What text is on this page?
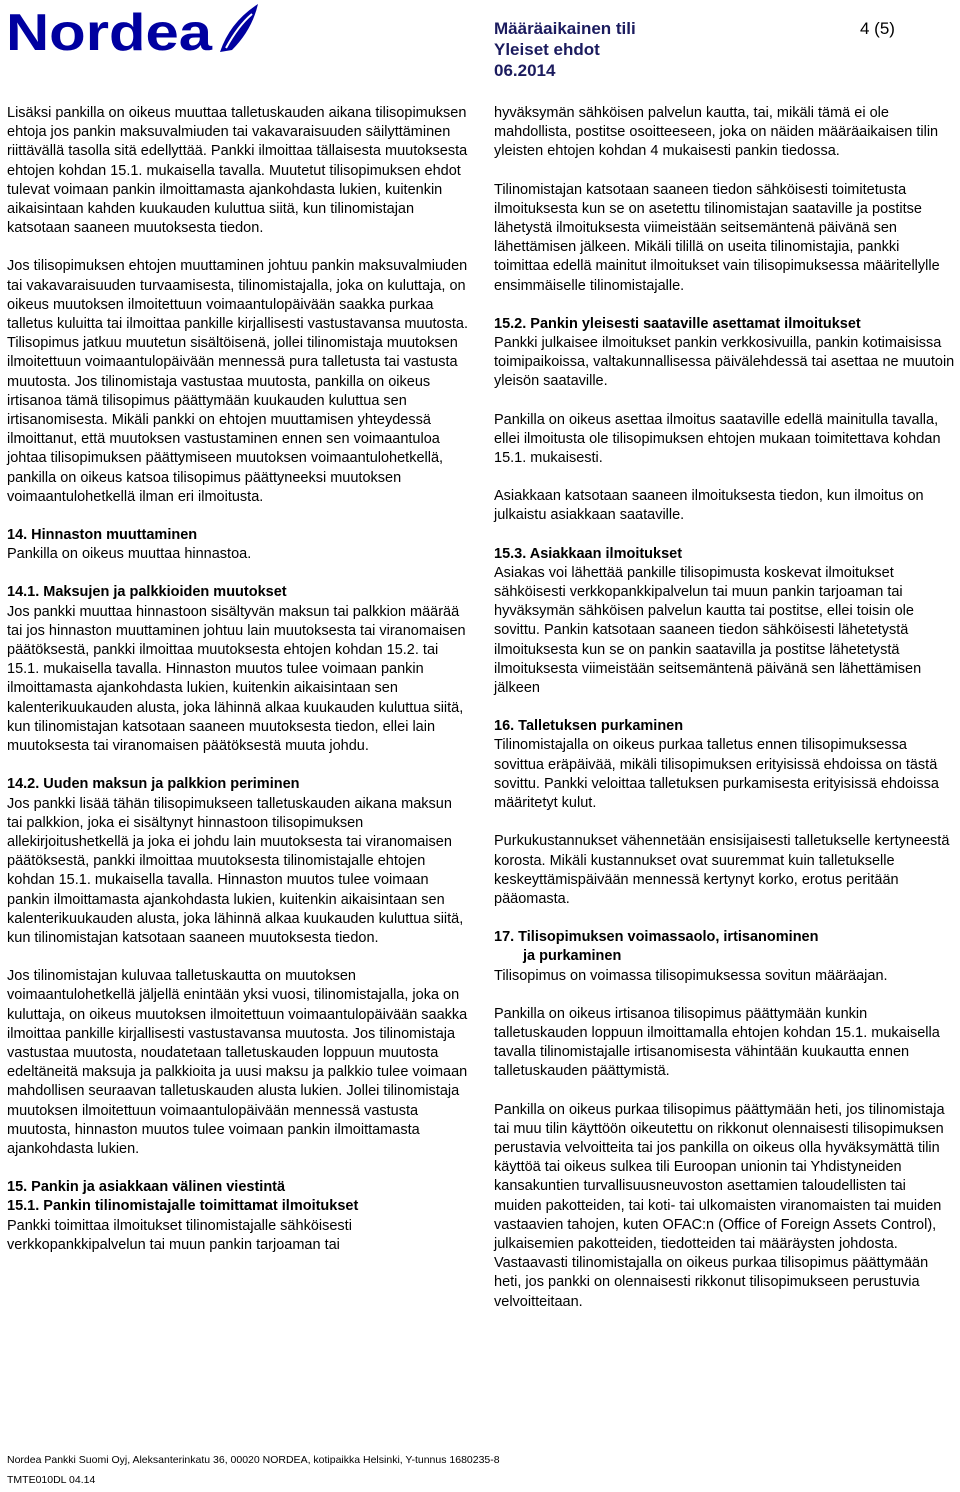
Nordea	Määräaikainen tili
Yleiset ehdot
06.2014
4 (5)

Lisäksi pankilla on oikeus muuttaa talletuskauden aikana tilisopimuksen ehtoja jos pankin maksuvalmiuden tai vakavaraisuuden säilyttäminen riittävällä tasolla sitä edellyttää. Pankki ilmoittaa tällaisesta muutoksesta ehtojen kohdan 15.1. mukaisella tavalla. Muutetut tilisopimuksen ehdot tulevat voimaan pankin ilmoittamasta ajankohdasta lukien, kuitenkin aikaisintaan kahden kuukauden kuluttua siitä, kun tilinomistajan katsotaan saaneen muutoksesta tiedon.

Jos tilisopimuksen ehtojen muuttaminen johtuu pankin maksuvalmiuden tai vakavaraisuuden turvaamisesta, tilinomistajalla, joka on kuluttaja, on oikeus muutoksen ilmoitettuun voimaantulopäivään saakka purkaa talletus kuluitta tai ilmoittaa pankille kirjallisesti vastustavansa muutosta. Tilisopimus jatkuu muutetun sisältöisenä, jollei tilinomistaja muutoksen ilmoitettuun voimaantulopäivään mennessä pura talletusta tai vastusta muutosta. Jos tilinomistaja vastustaa muutosta, pankilla on oikeus irtisanoa tämä tilisopimus päättymään kuukauden kuluttua sen irtisanomisesta. Mikäli pankki on ehtojen muuttamisen yhteydessä ilmoittanut, että muutoksen vastustaminen ennen sen voimaantuloa johtaa tilisopimuksen päättymiseen muutoksen voimaantulohetkellä, pankilla on oikeus katsoa tilisopimus päättyneeksi muutoksen voimaantulohetkellä ilman eri ilmoitusta.

14. Hinnaston muuttaminen

Pankilla on oikeus muuttaa hinnastoa.

14.1. Maksujen ja palkkioiden muutokset

Jos pankki muuttaa hinnastoon sisältyvän maksun tai palkkion määrää tai jos hinnaston muuttaminen johtuu lain muutoksesta tai viranomaisen päätöksestä, pankki ilmoittaa muutoksesta ehtojen kohdan 15.2. tai 15.1. mukaisella tavalla. Hinnaston muutos tulee voimaan pankin ilmoittamasta ajankohdasta lukien, kuitenkin aikaisintaan sen kalenterikuukauden alusta, joka lähinnä alkaa kuukauden kuluttua siitä, kun tilinomistajan katsotaan saaneen muutoksesta tiedon, ellei lain muutoksesta tai viranomaisen päätöksestä muuta johdu.

14.2. Uuden maksun ja palkkion periminen

Jos pankki lisää tähän tilisopimukseen talletuskauden aikana maksun tai palkkion, joka ei sisältynyt hinnastoon tilisopimuksen allekirjoitushetkellä ja joka ei johdu lain muutoksesta tai viranomaisen päätöksestä, pankki ilmoittaa muutoksesta tilinomistajalle ehtojen kohdan 15.1. mukaisella tavalla. Hinnaston muutos tulee voimaan pankin ilmoittamasta ajankohdasta lukien, kuitenkin aikaisintaan sen kalenterikuukauden alusta, joka lähinnä alkaa kuukauden kuluttua siitä, kun tilinomistajan katsotaan saaneen muutoksesta tiedon.

Jos tilinomistajan kuluvaa talletuskautta on muutoksen voimaantulohetkellä jäljellä enintään yksi vuosi, tilinomistajalla, joka on kuluttaja, on oikeus muutoksen ilmoitettuun voimaantulopäivään saakka ilmoittaa pankille kirjallisesti vastustavansa muutosta. Jos tilinomistaja vastustaa muutosta, noudatetaan talletuskauden loppuun muutosta edeltäneitä maksuja ja palkkioita ja uusi maksu ja palkkio tulee voimaan mahdollisen seuraavan talletuskauden alusta lukien. Jollei tilinomistaja muutoksen ilmoitettuun voimaantulopäivään mennessä vastusta muutosta, hinnaston muutos tulee voimaan pankin ilmoittamasta ajankohdasta lukien.

15. Pankin ja asiakkaan välinen viestintä
15.1. Pankin tilinomistajalle toimittamat ilmoitukset

Pankki toimittaa ilmoitukset tilinomistajalle sähköisesti verkkopankkipalvelun tai muun pankin tarjoaman tai

hyväksymän sähköisen palvelun kautta, tai, mikäli tämä ei ole mahdollista, postitse osoitteeseen, joka on näiden määräaikaisen tilin yleisten ehtojen kohdan 4 mukaisesti pankin tiedossa.

Tilinomistajan katsotaan saaneen tiedon sähköisesti toimitetusta ilmoituksesta kun se on asetettu tilinomistajan saataville ja postitse lähetystä ilmoituksesta viimeistään seitsemäntenä päivänä sen lähettämisen jälkeen. Mikäli tilillä on useita tilinomistajia, pankki toimittaa edellä mainitut ilmoitukset vain tilisopimuksessa määritellylle ensimmäiselle tilinomistajalle.

15.2. Pankin yleisesti saataville asettamat ilmoitukset

Pankki julkaisee ilmoitukset pankin verkkosivuilla, pankin kotimaisissa toimipaikoissa, valtakunnallisessa päivälehdessä tai asettaa ne muutoin yleisön saataville.

Pankilla on oikeus asettaa ilmoitus saataville edellä mainitulla tavalla, ellei ilmoitusta ole tilisopimuksen ehtojen mukaan toimitettava kohdan 15.1. mukaisesti.

Asiakkaan katsotaan saaneen ilmoituksesta tiedon, kun ilmoitus on julkaistu asiakkaan saataville.

15.3. Asiakkaan ilmoitukset

Asiakas voi lähettää pankille tilisopimusta koskevat ilmoitukset sähköisesti verkkopankkipalvelun tai muun pankin tarjoaman tai hyväksymän sähköisen palvelun kautta tai postitse, ellei toisin ole sovittu. Pankin katsotaan saaneen tiedon sähköisesti lähetetystä ilmoituksesta kun se on pankin saatavilla ja postitse lähetetystä ilmoituksesta viimeistään seitsemäntenä päivänä sen lähettämisen jälkeen

16. Talletuksen purkaminen

Tilinomistajalla on oikeus purkaa talletus ennen tilisopimuksessa sovittua eräpäivää, mikäli tilisopimuksen erityisissä ehdoissa on tästä sovittu. Pankki veloittaa talletuksen purkamisesta erityisissä ehdoissa määritetyt kulut.

Purkukustannukset vähennetään ensisijaisesti talletukselle kertyneestä korosta. Mikäli kustannukset ovat suuremmat kuin talletukselle keskeyttämispäivään mennessä kertynyt korko, erotus peritään pääomasta.

17. Tilisopimuksen voimassaolo, irtisanominen
ja purkaminen

Tilisopimus on voimassa tilisopimuksessa sovitun määräajan.

Pankilla on oikeus irtisanoa tilisopimus päättymään kunkin talletuskauden loppuun ilmoittamalla ehtojen kohdan 15.1. mukaisella tavalla tilinomistajalle irtisanomisesta vähintään kuukautta ennen talletuskauden päättymistä.

Pankilla on oikeus purkaa tilisopimus päättymään heti, jos tilinomistaja tai muu tilin käyttöön oikeutettu on rikkonut olennaisesti tilisopimuksen perustavia velvoitteita tai jos pankilla on oikeus olla hyväksymättä tilin käyttöä tai oikeus sulkea tili Euroopan unionin tai Yhdistyneiden kansakuntien turvallisuusneuvoston asettamien taloudellisten tai muiden pakotteiden, tai koti- tai ulkomaisten viranomaisten tai muiden vastaavien tahojen, kuten OFAC:n (Office of Foreign Assets Control), julkaisemien pakotteiden, tiedotteiden tai määräysten johdosta. Vastaavasti tilinomistajalla on oikeus purkaa tilisopimus päättymään heti, jos pankki on olennaisesti rikkonut tilisopimukseen perustuvia velvoitteitaan.

Nordea Pankki Suomi Oyj, Aleksanterinkatu 36, 00020 NORDEA, kotipaikka Helsinki, Y-tunnus 1680235-8
TMTE010DL 04.14
